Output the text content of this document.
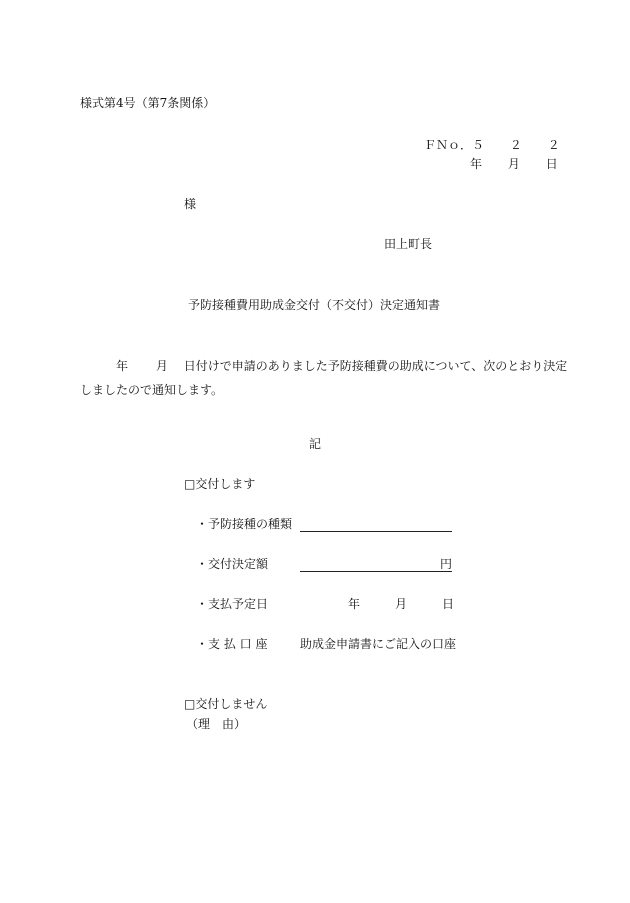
様式第4号（第7条関係）
ＦＮｏ．５ ２ ２
年 月 日
様
田上町長
予防接種費用助成金交付（不交付）決定通知書
年 月 日付けで申請のありました予防接種費の助成について、次のとおり決定
しましたので通知します。
記
□交付します
・予防接種の種類
・交付決定額	円
・支払予定日	年	月	日
・支 払 口 座	助成金申請書にご記入の口座
□交付しません
（理　由）
